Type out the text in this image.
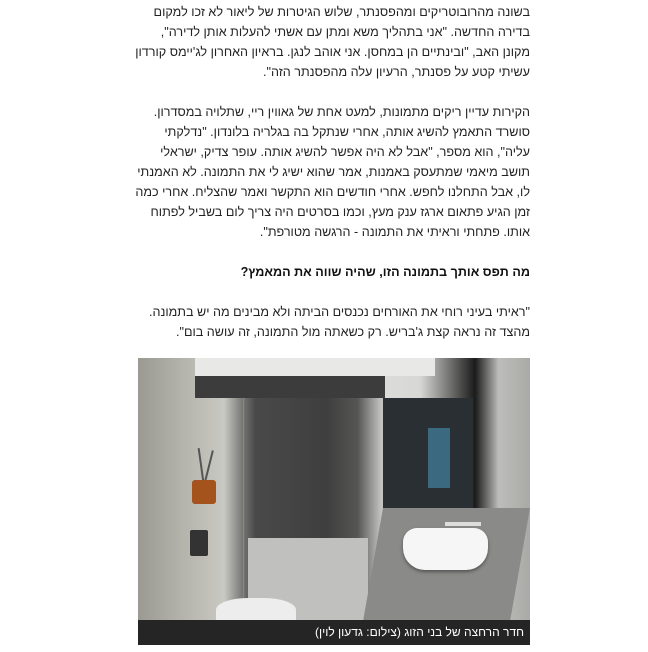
בשונה מהרובוטריקים ומהפסנתר, שלוש הגיטרות של ליאור לא זכו למקום בדירה החדשה. "אני בתהליך משא ומתן עם אשתי להעלות אותן לדירה", מקונן האב, "ובינתיים הן במחסן. אני אוהב לנגן. בראיון האחרון לג'יימס קורדון עשיתי קטע על פסנתר, הרעיון עלה מהפסנתר הזה".

הקירות עדיין ריקים מתמונות, למעט אחת של גאווין ריי, שתלויה במסדרון. סושרד התאמץ להשיג אותה, אחרי שנתקל בה בגלריה בלונדון. "נדלקתי עליה", הוא מספר, "אבל לא היה אפשר להשיג אותה. עופר צדיק, ישראלי תושב מיאמי שמתעסק באמנות, אמר שהוא ישיג לי את התמונה. לא האמנתי לו, אבל התחלנו לחפש. אחרי חודשים הוא התקשר ואמר שהצליח. אחרי כמה זמן הגיע פתאום ארגז ענק מעץ, וכמו בסרטים היה צריך לום בשביל לפתוח אותו. פתחתי וראיתי את התמונה - הרגשה מטורפת".

מה תפס אותך בתמונה הזו, שהיה שווה את המאמץ?

"ראיתי בעיני רוחי את האורחים נכנסים הביתה ולא מבינים מה יש בתמונה. מהצד זה נראה קצת ג'בריש. רק כשאתה מול התמונה, זה עושה בום".

חדר הרחצה של בני הזוג (צילום: גדעון לוין)
